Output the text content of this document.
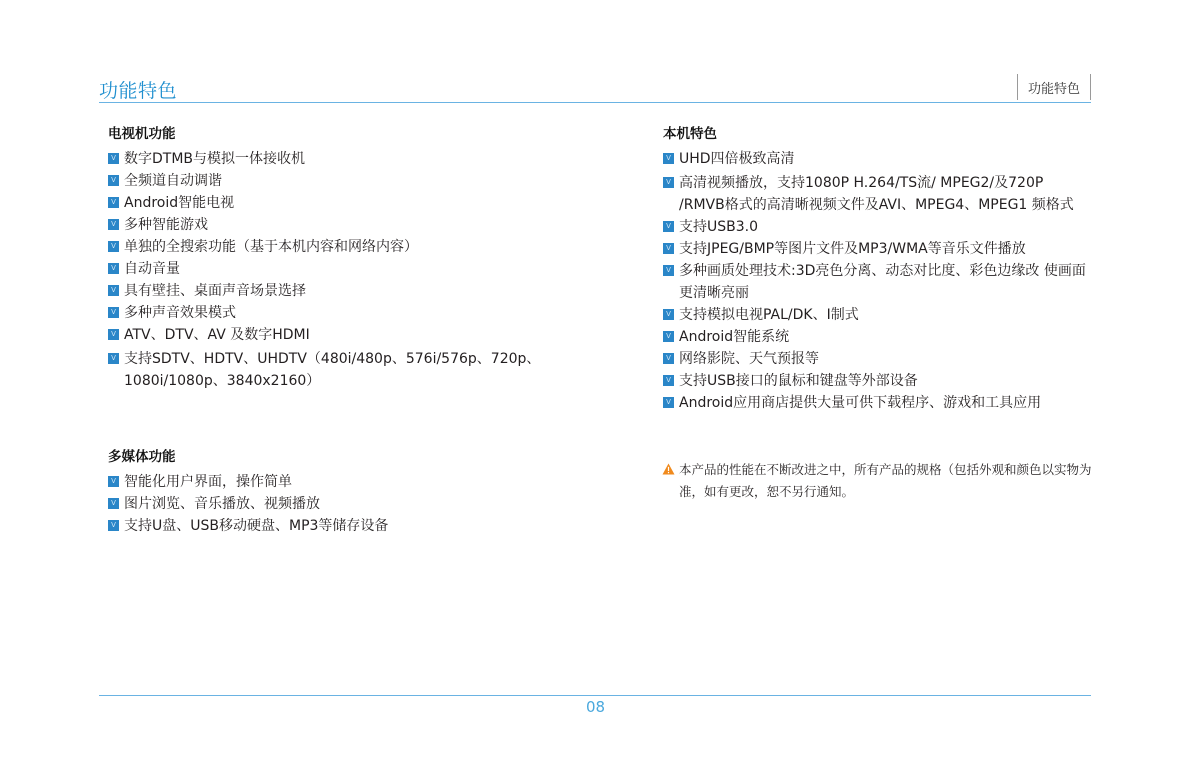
功能特色	功能特色
电视机功能
V 数字DTMB与模拟一体接收机
V 全频道自动调谐
V Android智能电视
V 多种智能游戏
V 单独的全搜索功能（基于本机内容和网络内容）
V 自动音量
V 具有壁挂、桌面声音场景选择
V 多种声音效果模式
V ATV、DTV、AV 及数字HDMI
V 支持SDTV、HDTV、UHDTV（480i/480p、576i/576p、720p、1080i/1080p、3840x2160）
多媒体功能
V 智能化用户界面，操作简单
V 图片浏览、音乐播放、视频播放
V 支持U盘、USB移动硬盘、MP3等储存设备
本机特色
V UHD四倍极致高清
V 高清视频播放，支持1080P H.264/TS流/ MPEG2/及720P /RMVB格式的高清晰视频文件及AVI、MPEG4、MPEG1 频格式
V 支持USB3.0
V 支持JPEG/BMP等图片文件及MP3/WMA等音乐文件播放
V 多种画质处理技术:3D亮色分离、动态对比度、彩色边缘改 使画面更清晰亮丽
V 支持模拟电视PAL/DK、I制式
V Android智能系统
V 网络影院、天气预报等
V 支持USB接口的鼠标和键盘等外部设备
V Android应用商店提供大量可供下载程序、游戏和工具应用
本产品的性能在不断改进之中，所有产品的规格（包括外观和颜色以实物为准，如有更改，恕不另行通知。
08
